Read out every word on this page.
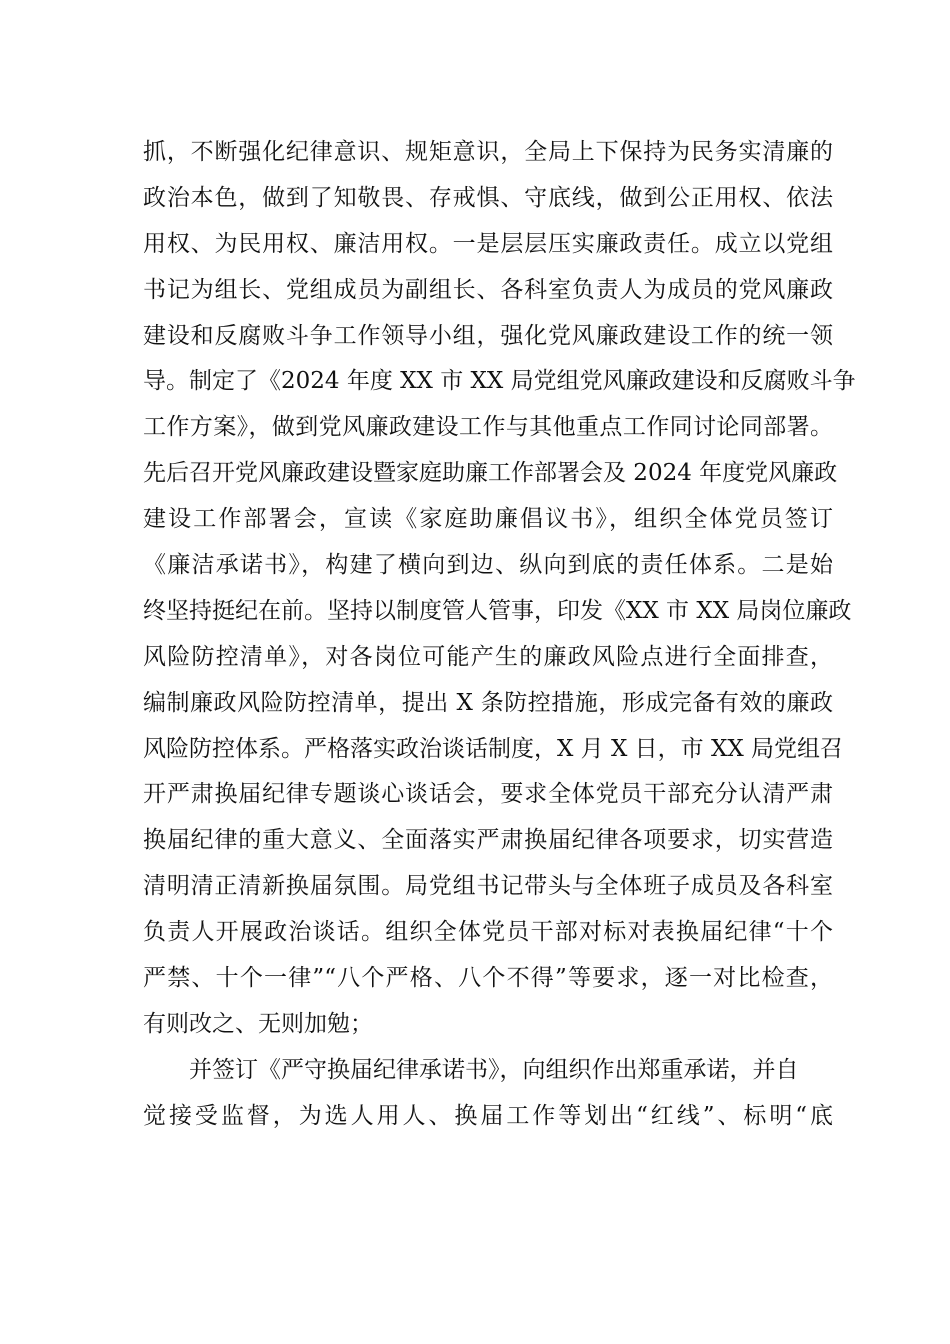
抓，不断强化纪律意识、规矩意识，全局上下保持为民务实清廉的
政治本色，做到了知敬畏、存戒惧、守底线，做到公正用权、依法
用权、为民用权、廉洁用权。一是层层压实廉政责任。成立以党组
书记为组长、党组成员为副组长、各科室负责人为成员的党风廉政
建设和反腐败斗争工作领导小组，强化党风廉政建设工作的统一领
导。制定了《2024 年度 XX 市 XX 局党组党风廉政建设和反腐败斗争
工作方案》，做到党风廉政建设工作与其他重点工作同讨论同部署。
先后召开党风廉政建设暨家庭助廉工作部署会及 2024 年度党风廉政
建设工作部署会，宣读《家庭助廉倡议书》，组织全体党员签订
《廉洁承诺书》，构建了横向到边、纵向到底的责任体系。二是始
终坚持挺纪在前。坚持以制度管人管事，印发《XX 市 XX 局岗位廉政
风险防控清单》，对各岗位可能产生的廉政风险点进行全面排查，
编制廉政风险防控清单，提出 X 条防控措施，形成完备有效的廉政
风险防控体系。严格落实政治谈话制度，X 月 X 日，市 XX 局党组召
开严肃换届纪律专题谈心谈话会，要求全体党员干部充分认清严肃
换届纪律的重大意义、全面落实严肃换届纪律各项要求，切实营造
清明清正清新换届氛围。局党组书记带头与全体班子成员及各科室
负责人开展政治谈话。组织全体党员干部对标对表换届纪律“十个
严禁、十个一律”“八个严格、八个不得”等要求，逐一对比检查，
有则改之、无则加勉；
并签订《严守换届纪律承诺书》，向组织作出郑重承诺，并自
觉接受监督，为选人用人、换届工作等划出“红线”、标明“底
